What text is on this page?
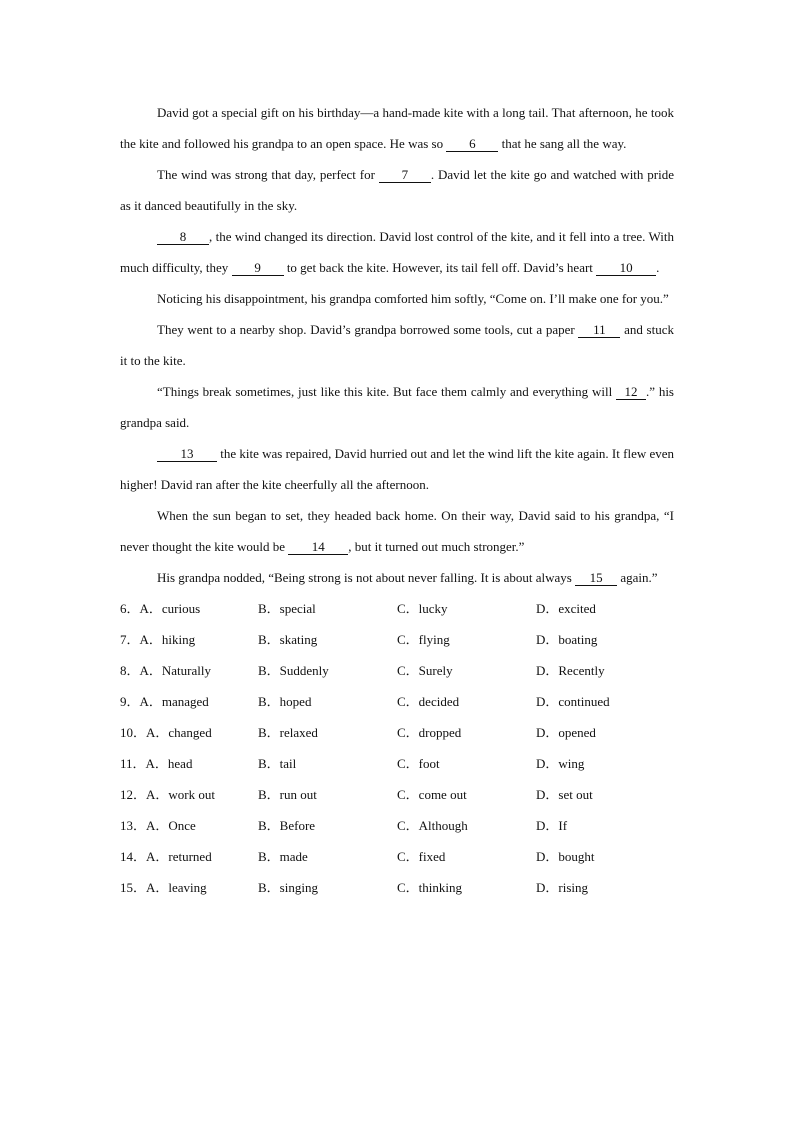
David got a special gift on his birthday—a hand-made kite with a long tail. That afternoon, he took the kite and followed his grandpa to an open space. He was so 6 that he sang all the way.

The wind was strong that day, perfect for 7 . David let the kite go and watched with pride as it danced beautifully in the sky.

8 , the wind changed its direction. David lost control of the kite, and it fell into a tree. With much difficulty, they 9 to get back the kite. However, its tail fell off. David’s heart 10 .

Noticing his disappointment, his grandpa comforted him softly, “Come on. I’ll make one for you.”

They went to a nearby shop. David’s grandpa borrowed some tools, cut a paper 11 and stuck it to the kite.

“Things break sometimes, just like this kite. But face them calmly and everything will 12 .” his grandpa said.

13 the kite was repaired, David hurried out and let the wind lift the kite again. It flew even higher! David ran after the kite cheerfully all the afternoon.

When the sun began to set, they headed back home. On their way, David said to his grandpa, “I never thought the kite would be 14 , but it turned out much stronger.”

His grandpa nodded, “Being strong is not about never falling. It is about always 15 again.”

6．A．curious	B．special	C．lucky	D．excited
7．A．hiking	B．skating	C．flying	D．boating
8．A．Naturally	B．Suddenly	C．Surely	D．Recently
9．A．managed	B．hoped	C．decided	D．continued
10．A．changed	B．relaxed	C．dropped	D．opened
11．A．head	B．tail	C．foot	D．wing
12．A．work out	B．run out	C．come out	D．set out
13．A．Once	B．Before	C．Although	D．If
14．A．returned	B．made	C．fixed	D．bought
15．A．leaving	B．singing	C．thinking	D．rising
